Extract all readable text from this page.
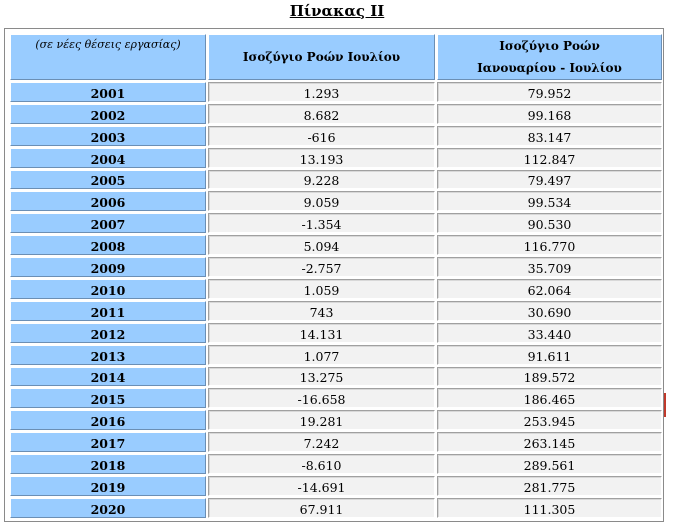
Πίνακας ΙΙ
(σε νέες θέσεις εργασίας)	Ισοζύγιο Ροών Ιουλίου	Ισοζύγιο Ροών
Ιανουαρίου - Ιουλίου
2001	1.293	79.952
2002	8.682	99.168
2003	-616	83.147
2004	13.193	112.847
2005	9.228	79.497
2006	9.059	99.534
2007	-1.354	90.530
2008	5.094	116.770
2009	-2.757	35.709
2010	1.059	62.064
2011	743	30.690
2012	14.131	33.440
2013	1.077	91.611
2014	13.275	189.572
2015	-16.658	186.465
2016	19.281	253.945
2017	7.242	263.145
2018	-8.610	289.561
2019	-14.691	281.775
2020	67.911	111.305
